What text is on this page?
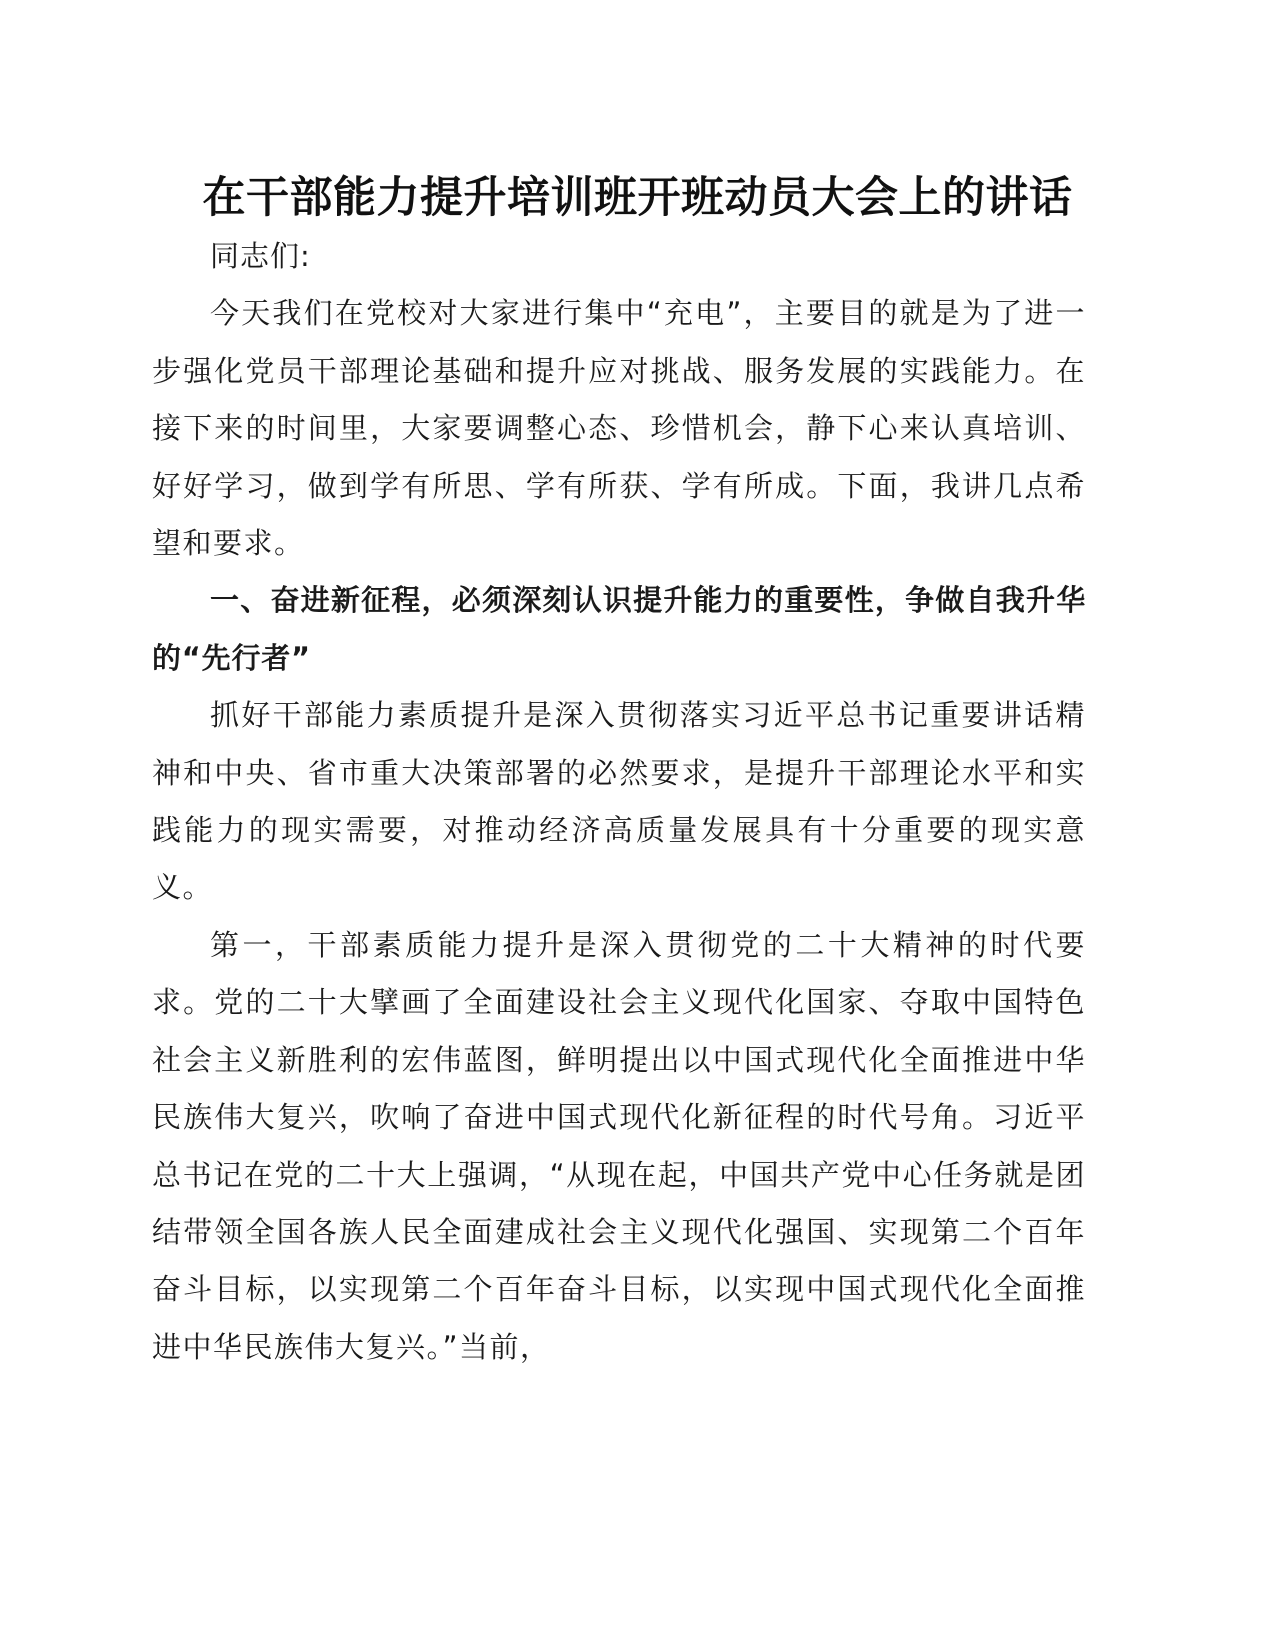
在干部能力提升培训班开班动员大会上的讲话

同志们:

今天我们在党校对大家进行集中“充电”，主要目的就是为了进一步强化党员干部理论基础和提升应对挑战、服务发展的实践能力。在接下来的时间里，大家要调整心态、珍惜机会，静下心来认真培训、好好学习，做到学有所思、学有所获、学有所成。下面，我讲几点希望和要求。

一、奋进新征程，必须深刻认识提升能力的重要性，争做自我升华的“先行者”

抓好干部能力素质提升是深入贯彻落实习近平总书记重要讲话精神和中央、省市重大决策部署的必然要求，是提升干部理论水平和实践能力的现实需要，对推动经济高质量发展具有十分重要的现实意义。

第一，干部素质能力提升是深入贯彻党的二十大精神的时代要求。党的二十大擘画了全面建设社会主义现代化国家、夺取中国特色社会主义新胜利的宏伟蓝图，鲜明提出以中国式现代化全面推进中华民族伟大复兴，吹响了奋进中国式现代化新征程的时代号角。习近平总书记在党的二十大上强调，“从现在起，中国共产党中心任务就是团结带领全国各族人民全面建成社会主义现代化强国、实现第二个百年奋斗目标，以实现第二个百年奋斗目标，以实现中国式现代化全面推进中华民族伟大复兴。”当前，
